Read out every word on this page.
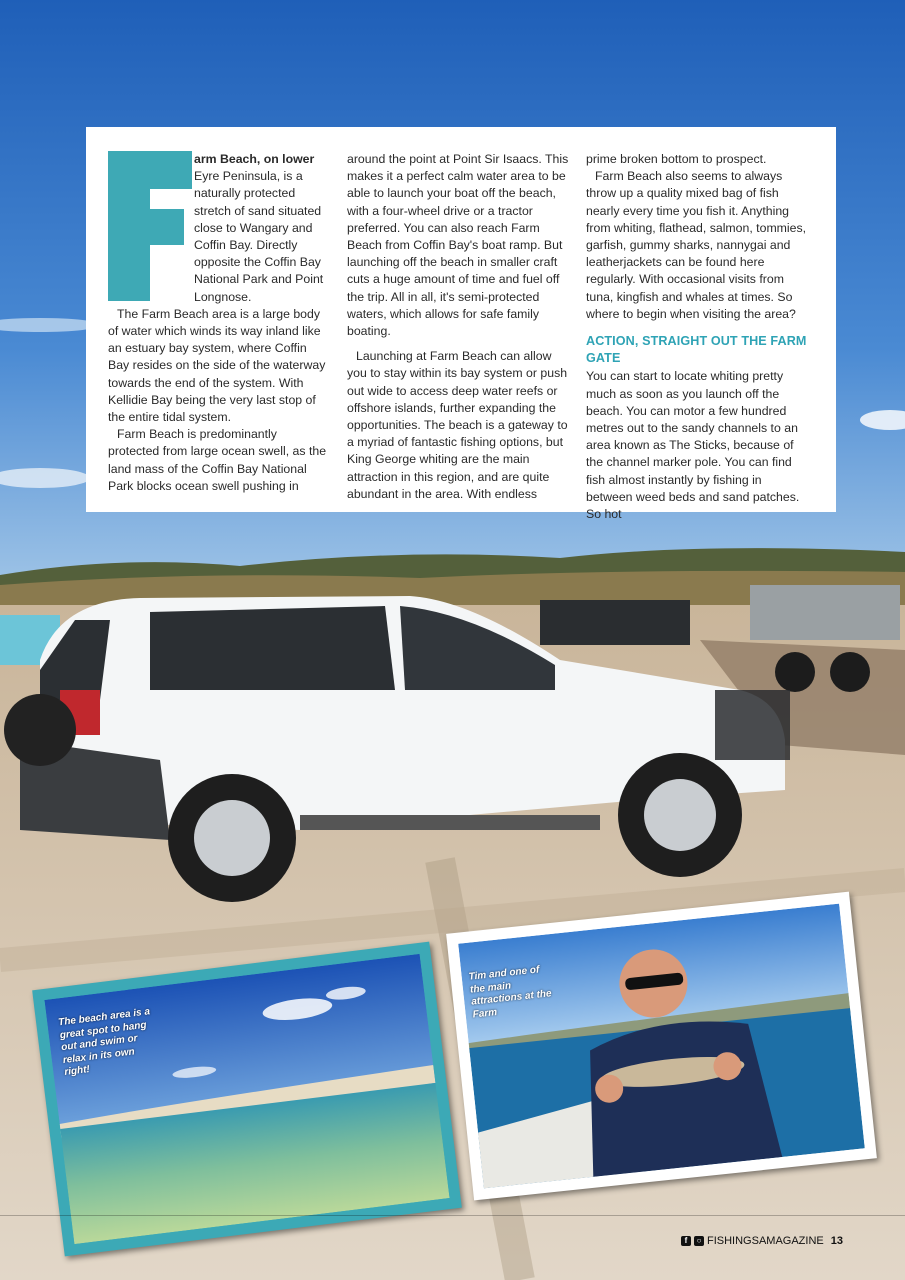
arm Beach, on lower Eyre Peninsula, is a naturally protected stretch of sand situated close to Wangary and Coffin Bay. Directly opposite the Coffin Bay National Park and Point Longnose.

The Farm Beach area is a large body of water which winds its way inland like an estuary bay system, where Coffin Bay resides on the side of the waterway towards the end of the system. With Kellidie Bay being the very last stop of the entire tidal system.

Farm Beach is predominantly protected from large ocean swell, as the land mass of the Coffin Bay National Park blocks ocean swell pushing in

around the point at Point Sir Isaacs. This makes it a perfect calm water area to be able to launch your boat off the beach, with a four-wheel drive or a tractor preferred. You can also reach Farm Beach from Coffin Bay's boat ramp. But launching off the beach in smaller craft cuts a huge amount of time and fuel off the trip. All in all, it's semi-protected waters, which allows for safe family boating.

Launching at Farm Beach can allow you to stay within its bay system or push out wide to access deep water reefs or offshore islands, further expanding the opportunities. The beach is a gateway to a myriad of fantastic fishing options, but King George whiting are the main attraction in this region, and are quite abundant in the area. With endless

prime broken bottom to prospect.

Farm Beach also seems to always throw up a quality mixed bag of fish nearly every time you fish it. Anything from whiting, flathead, salmon, tommies, garfish, gummy sharks, nannygai and leatherjackets can be found here regularly. With occasional visits from tuna, kingfish and whales at times. So where to begin when visiting the area?

ACTION, STRAIGHT OUT THE FARM GATE

You can start to locate whiting pretty much as soon as you launch off the beach. You can motor a few hundred metres out to the sandy channels to an area known as The Sticks, because of the channel marker pole. You can find fish almost instantly by fishing in between weed beds and sand patches. So hot

The beach area is a great spot to hang out and swim or relax in its own right!
Tim and one of the main attractions at the Farm
f	○ FISHINGSAMAGAZINE 13
